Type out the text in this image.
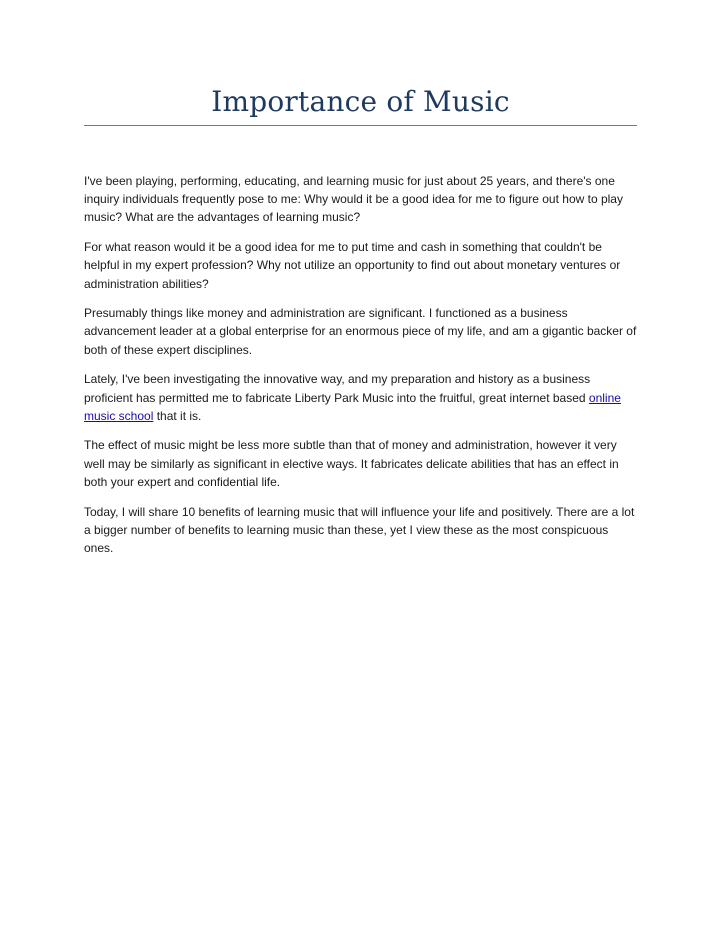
Importance of Music

I've been playing, performing, educating, and learning music for just about 25 years, and there's one inquiry individuals frequently pose to me: Why would it be a good idea for me to figure out how to play music? What are the advantages of learning music?

For what reason would it be a good idea for me to put time and cash in something that couldn't be helpful in my expert profession? Why not utilize an opportunity to find out about monetary ventures or administration abilities?

Presumably things like money and administration are significant. I functioned as a business advancement leader at a global enterprise for an enormous piece of my life, and am a gigantic backer of both of these expert disciplines.

Lately, I've been investigating the innovative way, and my preparation and history as a business proficient has permitted me to fabricate Liberty Park Music into the fruitful, great internet based online music school that it is.

The effect of music might be less more subtle than that of money and administration, however it very well may be similarly as significant in elective ways. It fabricates delicate abilities that has an effect in both your expert and confidential life.

Today, I will share 10 benefits of learning music that will influence your life and positively. There are a lot a bigger number of benefits to learning music than these, yet I view these as the most conspicuous ones.
